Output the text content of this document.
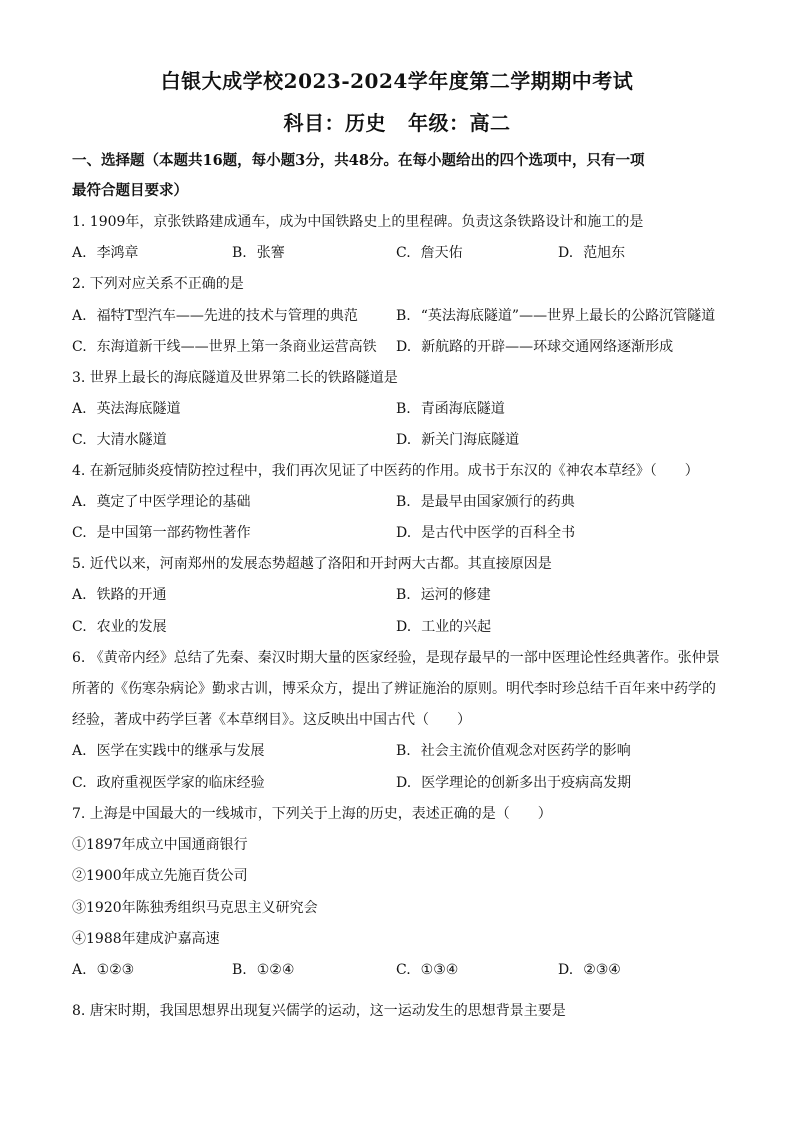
白银大成学校2023-2024学年度第二学期期中考试
科目：历史 年级：高二
一、选择题（本题共16题，每小题3分，共48分。在每小题给出的四个选项中，只有一项
最符合题目要求）
1. 1909年，京张铁路建成通车，成为中国铁路史上的里程碑。负责这条铁路设计和施工的是
A. 李鸿章	B. 张謇	C. 詹天佑	D. 范旭东
2. 下列对应关系不正确的是
A. 福特T型汽车——先进的技术与管理的典范	B. “英法海底隧道”——世界上最长的公路沉管隧道
C. 东海道新干线——世界上第一条商业运营高铁 D. 新航路的开辟——环球交通网络逐渐形成
3. 世界上最长的海底隧道及世界第二长的铁路隧道是
A. 英法海底隧道	B. 青函海底隧道
C. 大清水隧道	D. 新关门海底隧道
4. 在新冠肺炎疫情防控过程中，我们再次见证了中医药的作用。成书于东汉的《神农本草经》（　　）
A. 奠定了中医学理论的基础	B. 是最早由国家颁行的药典
C. 是中国第一部药物性著作	D. 是古代中医学的百科全书
5. 近代以来，河南郑州的发展态势超越了洛阳和开封两大古都。其直接原因是
A. 铁路的开通	B. 运河的修建
C. 农业的发展	D. 工业的兴起
6. 《黄帝内经》总结了先秦、秦汉时期大量的医家经验，是现存最早的一部中医理论性经典著作。张仲景
所著的《伤寒杂病论》勤求古训，博采众方，提出了辨证施治的原则。明代李时珍总结千百年来中药学的
经验，著成中药学巨著《本草纲目》。这反映出中国古代（　　）
A. 医学在实践中的继承与发展	B. 社会主流价值观念对医药学的影响
C. 政府重视医学家的临床经验	D. 医学理论的创新多出于疫病高发期
7. 上海是中国最大的一线城市，下列关于上海的历史，表述正确的是（　　）
①1897年成立中国通商银行
②1900年成立先施百货公司
③1920年陈独秀组织马克思主义研究会
④1988年建成沪嘉高速
A. ①②③	B. ①②④	C. ①③④	D. ②③④
8. 唐宋时期，我国思想界出现复兴儒学的运动，这一运动发生的思想背景主要是
